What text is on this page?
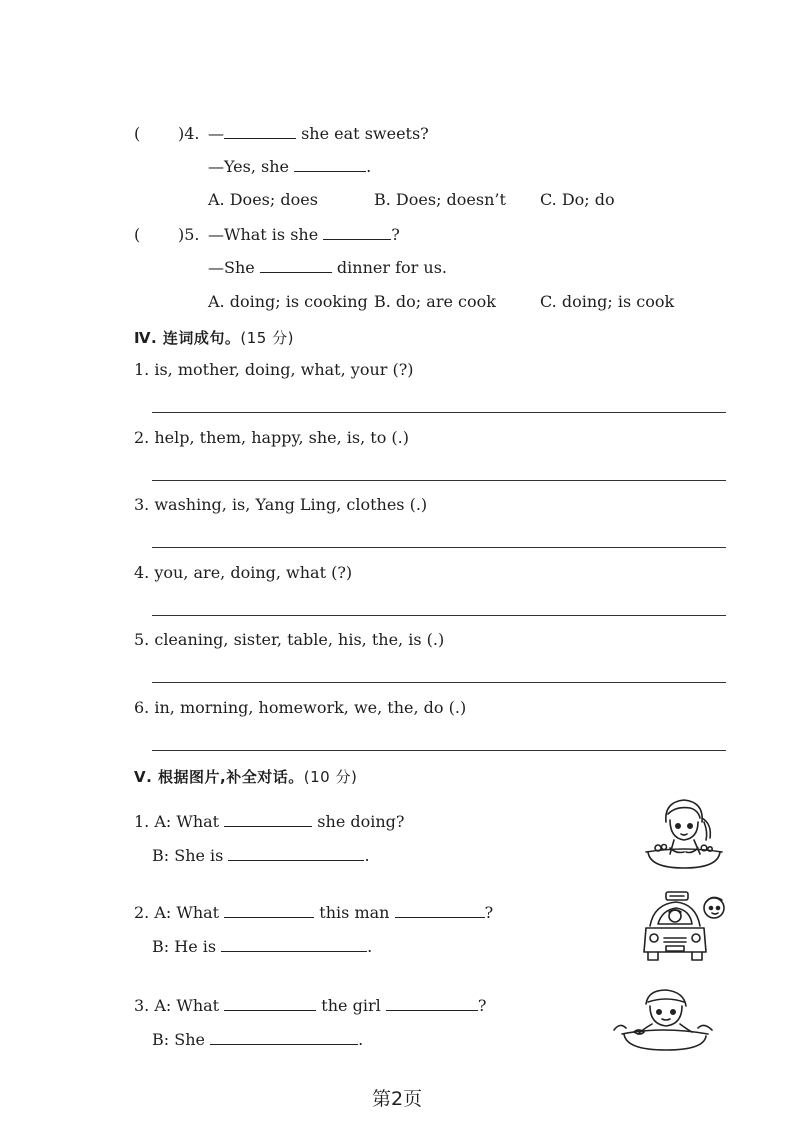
( )4. —	she eat sweets?
—Yes, she	.
A. Does; does	B. Does; doesn’t C. Do; do
( )5. —What is she	?
—She	dinner for us.
A. doing; is cooking B. do; are cook	C. doing; is cook
Ⅳ. 连词成句。(15 分)
1. is, mother, doing, what, your (?)
2. help, them, happy, she, is, to (.)
3. washing, is, Yang Ling, clothes (.)
4. you, are, doing, what (?)
5. cleaning, sister, table, his, the, is (.)
6. in, morning, homework, we, the, do (.)
Ⅴ. 根据图片,补全对话。(10 分)
1. A: What	she doing?
B: She is	.
2. A: What	this man	?
B: He is	.
3. A: What	the girl	?
B: She	.
第2页
